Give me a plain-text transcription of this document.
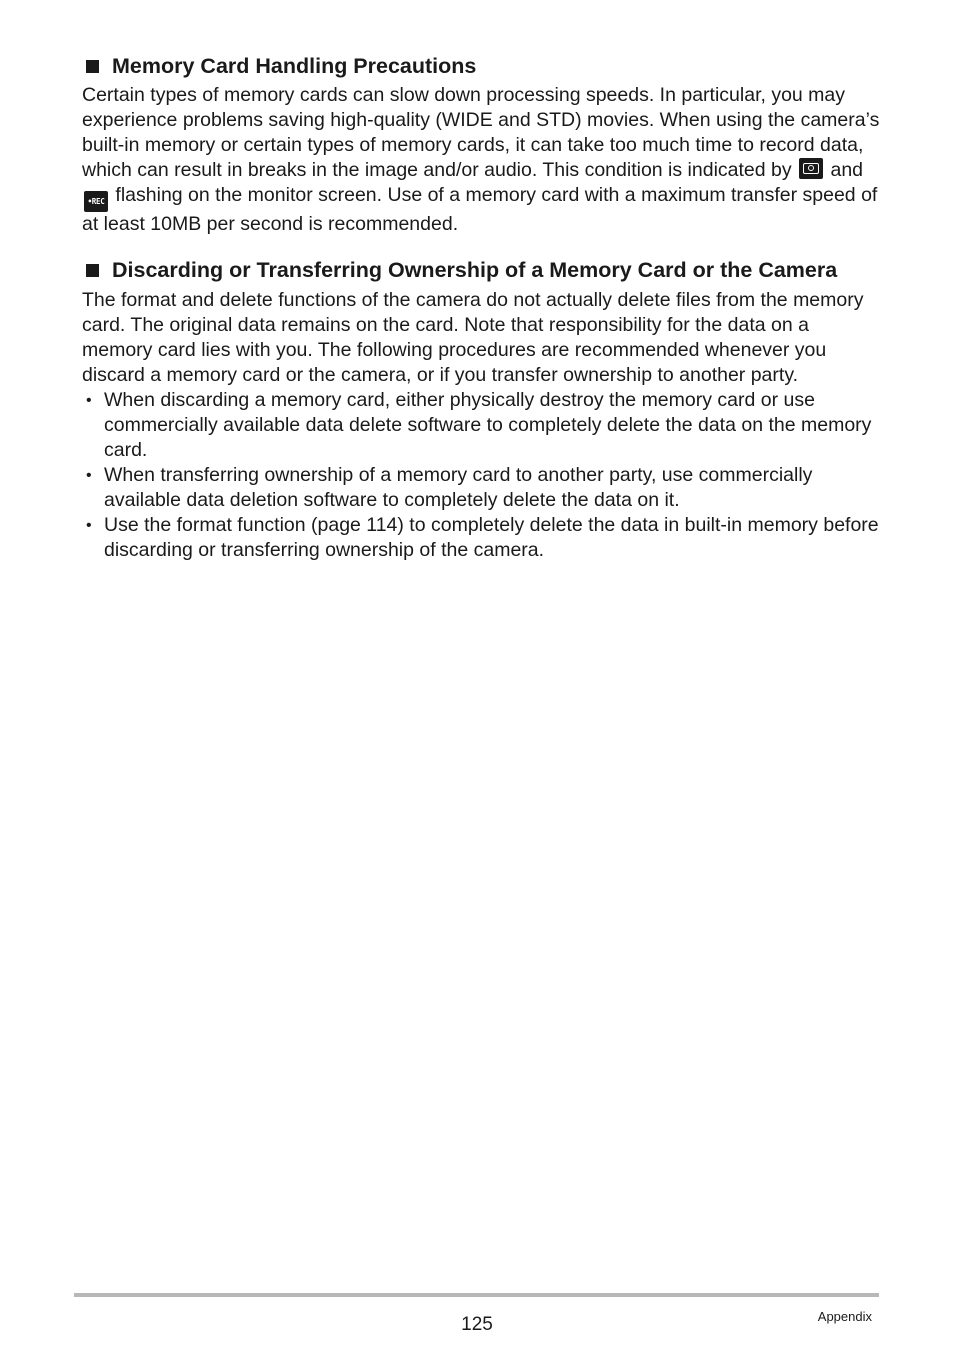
Memory Card Handling Precautions

Certain types of memory cards can slow down processing speeds. In particular, you may experience problems saving high-quality (WIDE and STD) movies. When using the camera’s built-in memory or certain types of memory cards, it can take too much time to record data, which can result in breaks in the image and/or audio. This condition is indicated by  and •REC flashing on the monitor screen. Use of a memory card with a maximum transfer speed of at least 10MB per second is recommended.

Discarding or Transferring Ownership of a Memory Card or the Camera

The format and delete functions of the camera do not actually delete files from the memory card. The original data remains on the card. Note that responsibility for the data on a memory card lies with you. The following procedures are recommended whenever you discard a memory card or the camera, or if you transfer ownership to another party.

• When discarding a memory card, either physically destroy the memory card or use commercially available data delete software to completely delete the data on the memory card.
• When transferring ownership of a memory card to another party, use commercially available data deletion software to completely delete the data on it.
• Use the format function (page 114) to completely delete the data in built-in memory before discarding or transferring ownership of the camera.
125	Appendix
